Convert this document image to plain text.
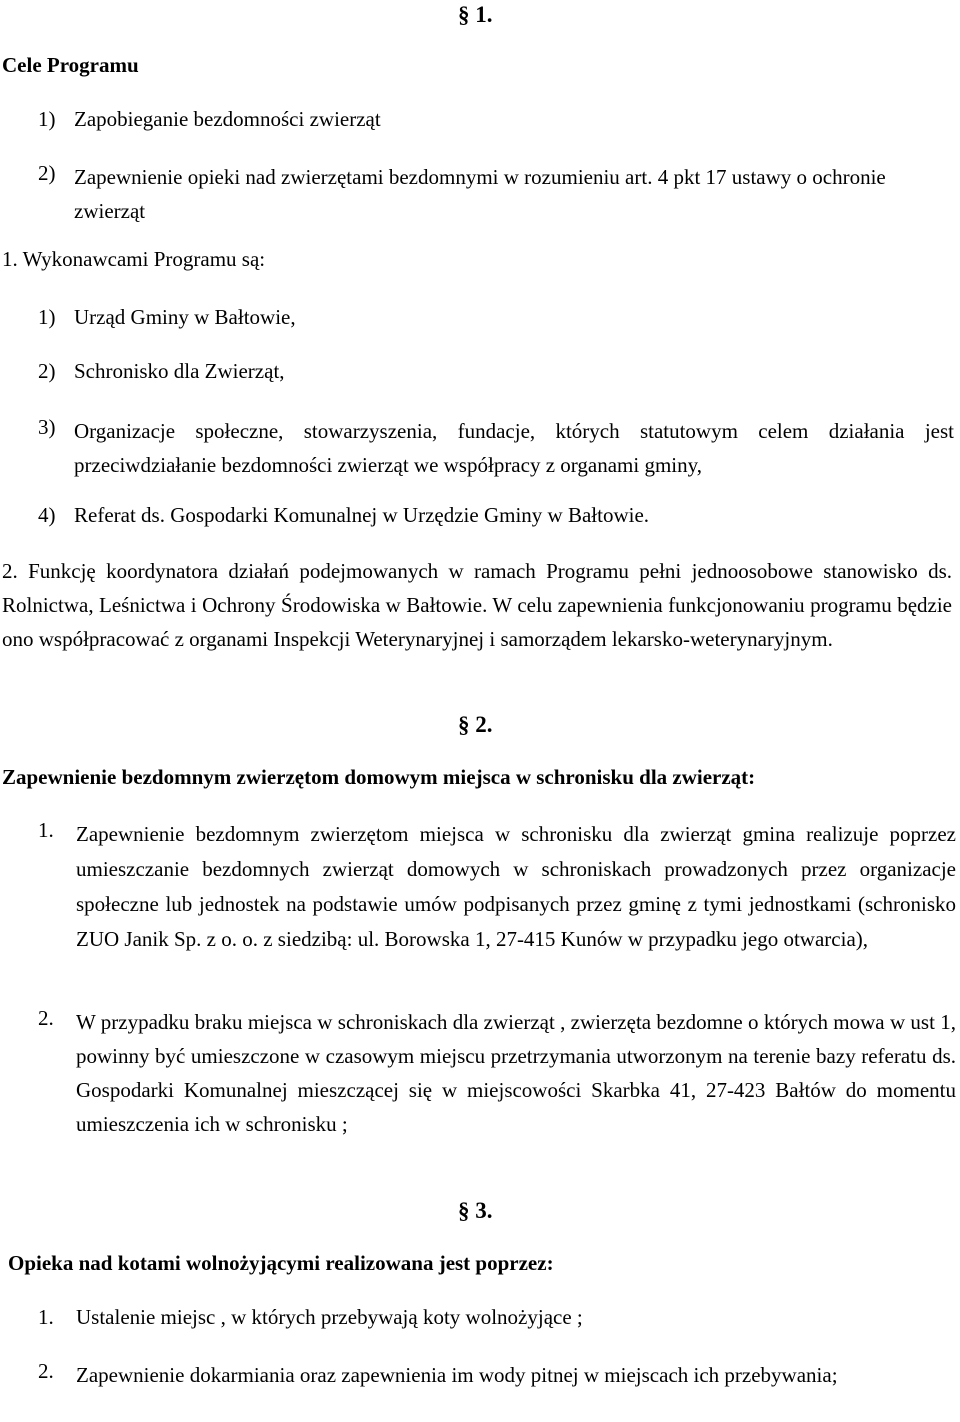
§ 1.
Cele Programu
1) Zapobieganie bezdomności zwierząt
2) Zapewnienie opieki nad zwierzętami bezdomnymi w rozumieniu art. 4 pkt 17 ustawy o ochronie zwierząt
1. Wykonawcami Programu są:
1) Urząd Gminy w Bałtowie,
2) Schronisko dla Zwierząt,
3) Organizacje społeczne, stowarzyszenia, fundacje, których statutowym celem działania jest przeciwdziałanie bezdomności zwierząt we współpracy z organami gminy,
4) Referat ds. Gospodarki Komunalnej w Urzędzie Gminy w Bałtowie.
2. Funkcję koordynatora działań podejmowanych w ramach Programu pełni jednoosobowe stanowisko ds. Rolnictwa, Leśnictwa i Ochrony Środowiska w Bałtowie. W celu zapewnienia funkcjonowaniu programu będzie ono współpracować z organami Inspekcji Weterynaryjnej i samorządem lekarsko-weterynaryjnym.
§ 2.
Zapewnienie bezdomnym zwierzętom domowym miejsca w schronisku dla zwierząt:
1. Zapewnienie bezdomnym zwierzętom miejsca w schronisku dla zwierząt gmina realizuje poprzez umieszczanie bezdomnych zwierząt domowych w schroniskach prowadzonych przez organizacje społeczne lub jednostek na podstawie umów podpisanych przez gminę z tymi jednostkami (schronisko ZUO Janik Sp. z o. o. z siedzibą: ul. Borowska 1, 27-415 Kunów w przypadku jego otwarcia),
2. W przypadku braku miejsca w schroniskach dla zwierząt , zwierzęta bezdomne o których mowa w ust 1, powinny być umieszczone w czasowym miejscu przetrzymania utworzonym na terenie bazy referatu ds. Gospodarki Komunalnej mieszczącej się w miejscowości Skarbka 41, 27-423 Bałtów do momentu umieszczenia ich w schronisku ;
§ 3.
Opieka nad kotami wolnożyjącymi realizowana jest poprzez:
1. Ustalenie miejsc , w których przebywają koty wolnożyjące ;
2. Zapewnienie dokarmiania oraz zapewnienia im wody pitnej w miejscach ich przebywania;
